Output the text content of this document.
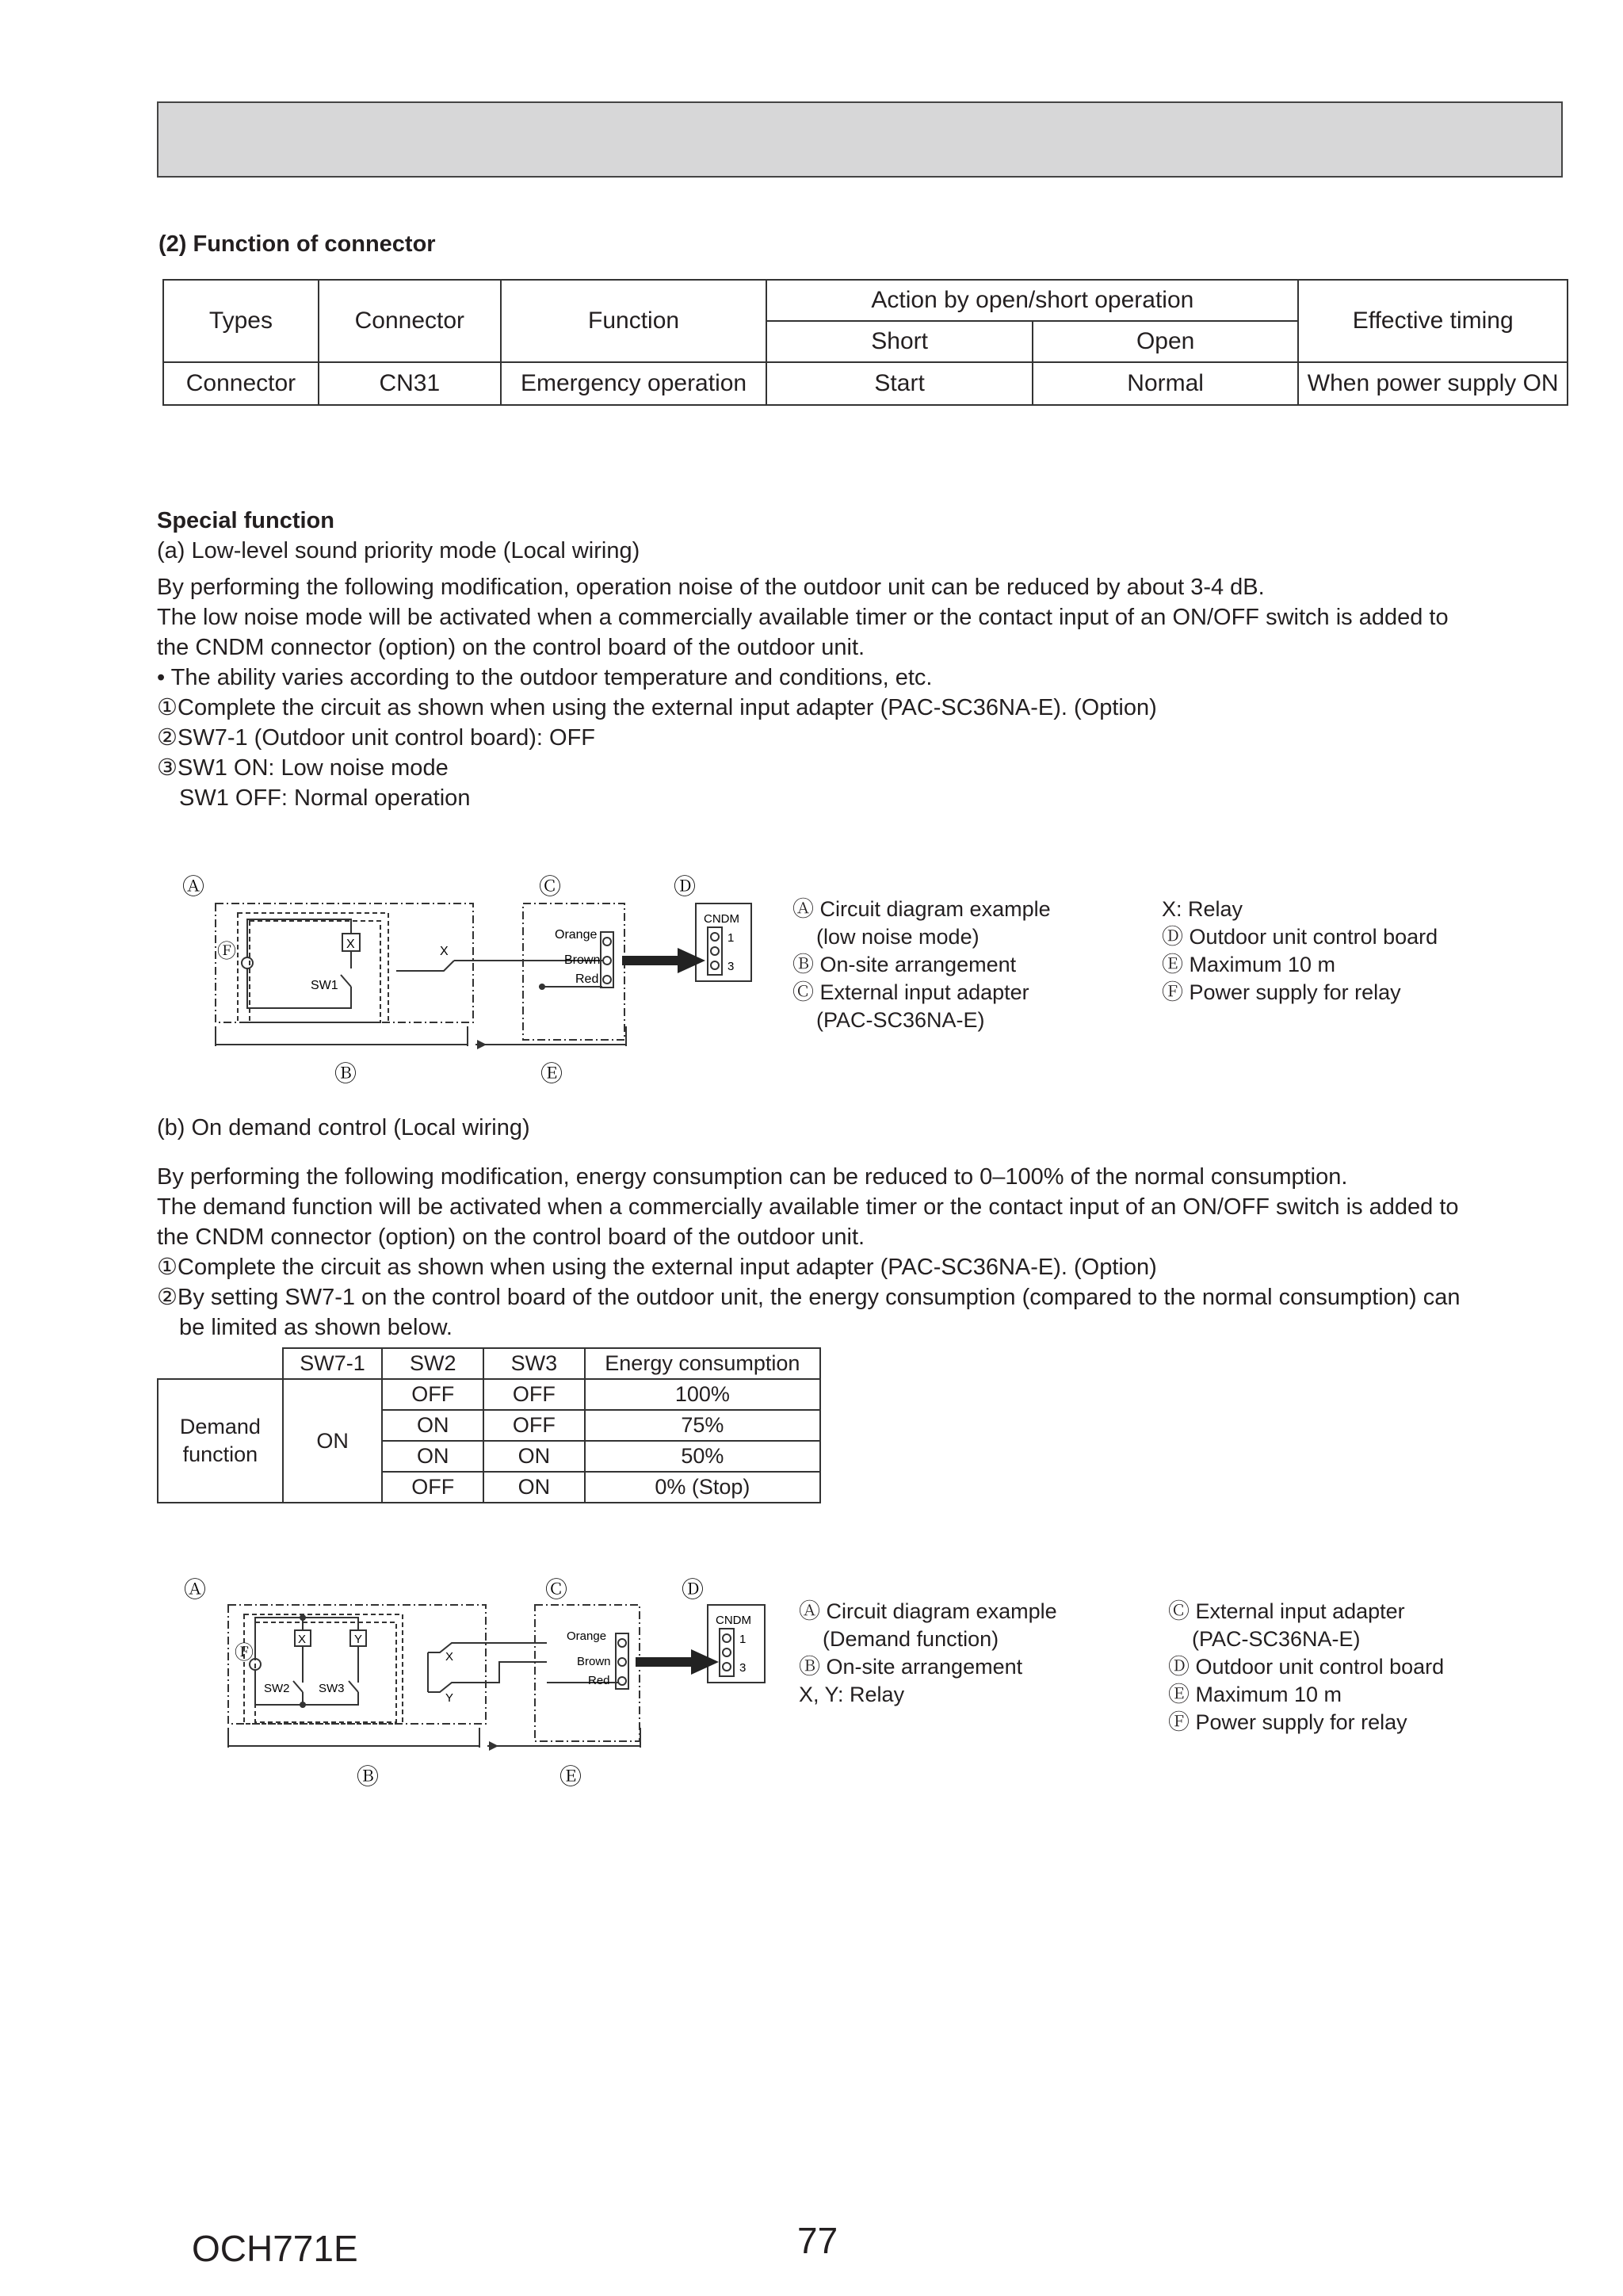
(2) Function of connector
Types	Connector	Function	Action by open/short operation		Effective timing
			Short	Open	
Connector	CN31	Emergency operation	Start	Normal	When power supply ON

Special function

(a) Low-level sound priority mode (Local wiring)

By performing the following modification, operation noise of the outdoor unit can be reduced by about 3-4 dB.

The low noise mode will be activated when a commercially available timer or the contact input of an ON/OFF switch is added to

the CNDM connector (option) on the control board of the outdoor unit.

• The ability varies according to the outdoor temperature and conditions, etc.

①Complete the circuit as shown when using the external input adapter (PAC-SC36NA-E). (Option)

②SW7-1 (Outdoor unit control board): OFF

③SW1 ON: Low noise mode

SW1 OFF: Normal operation

Ⓐ	Ⓒ	Ⓓ
Ⓕ
Ⓑ	Ⓔ
X
SW1
X
Orange
Brown
Red
CNDM
1
3
Ⓐ Circuit diagram example
(low noise mode)
Ⓑ On-site arrangement
Ⓒ External input adapter
(PAC-SC36NA-E)
X: Relay
Ⓓ Outdoor unit control board
Ⓔ Maximum 10 m
Ⓕ Power supply for relay

(b) On demand control (Local wiring)

By performing the following modification, energy consumption can be reduced to 0–100% of the normal consumption.

The demand function will be activated when a commercially available timer or the contact input of an ON/OFF switch is added to

the CNDM connector (option) on the control board of the outdoor unit.

①Complete the circuit as shown when using the external input adapter (PAC-SC36NA-E). (Option)

②By setting SW7-1 on the control board of the outdoor unit, the energy consumption (compared to the normal consumption) can

be limited as shown below.

	SW7-1	SW2	SW3	Energy consumption
Demand function	ON	OFF	OFF	100%
		ON	OFF	75%
		ON	ON	50%
		OFF	ON	0% (Stop)
Ⓐ	Ⓒ	Ⓓ
Ⓕ
Ⓑ	Ⓔ
X	Y
SW2 SW3
X
Y
Orange
Brown
Red
CNDM
1
3
Ⓐ Circuit diagram example
(Demand function)
Ⓑ On-site arrangement
X, Y: Relay
Ⓒ External input adapter
(PAC-SC36NA-E)
Ⓓ Outdoor unit control board
Ⓔ Maximum 10 m
Ⓕ Power supply for relay
OCH771E	77
